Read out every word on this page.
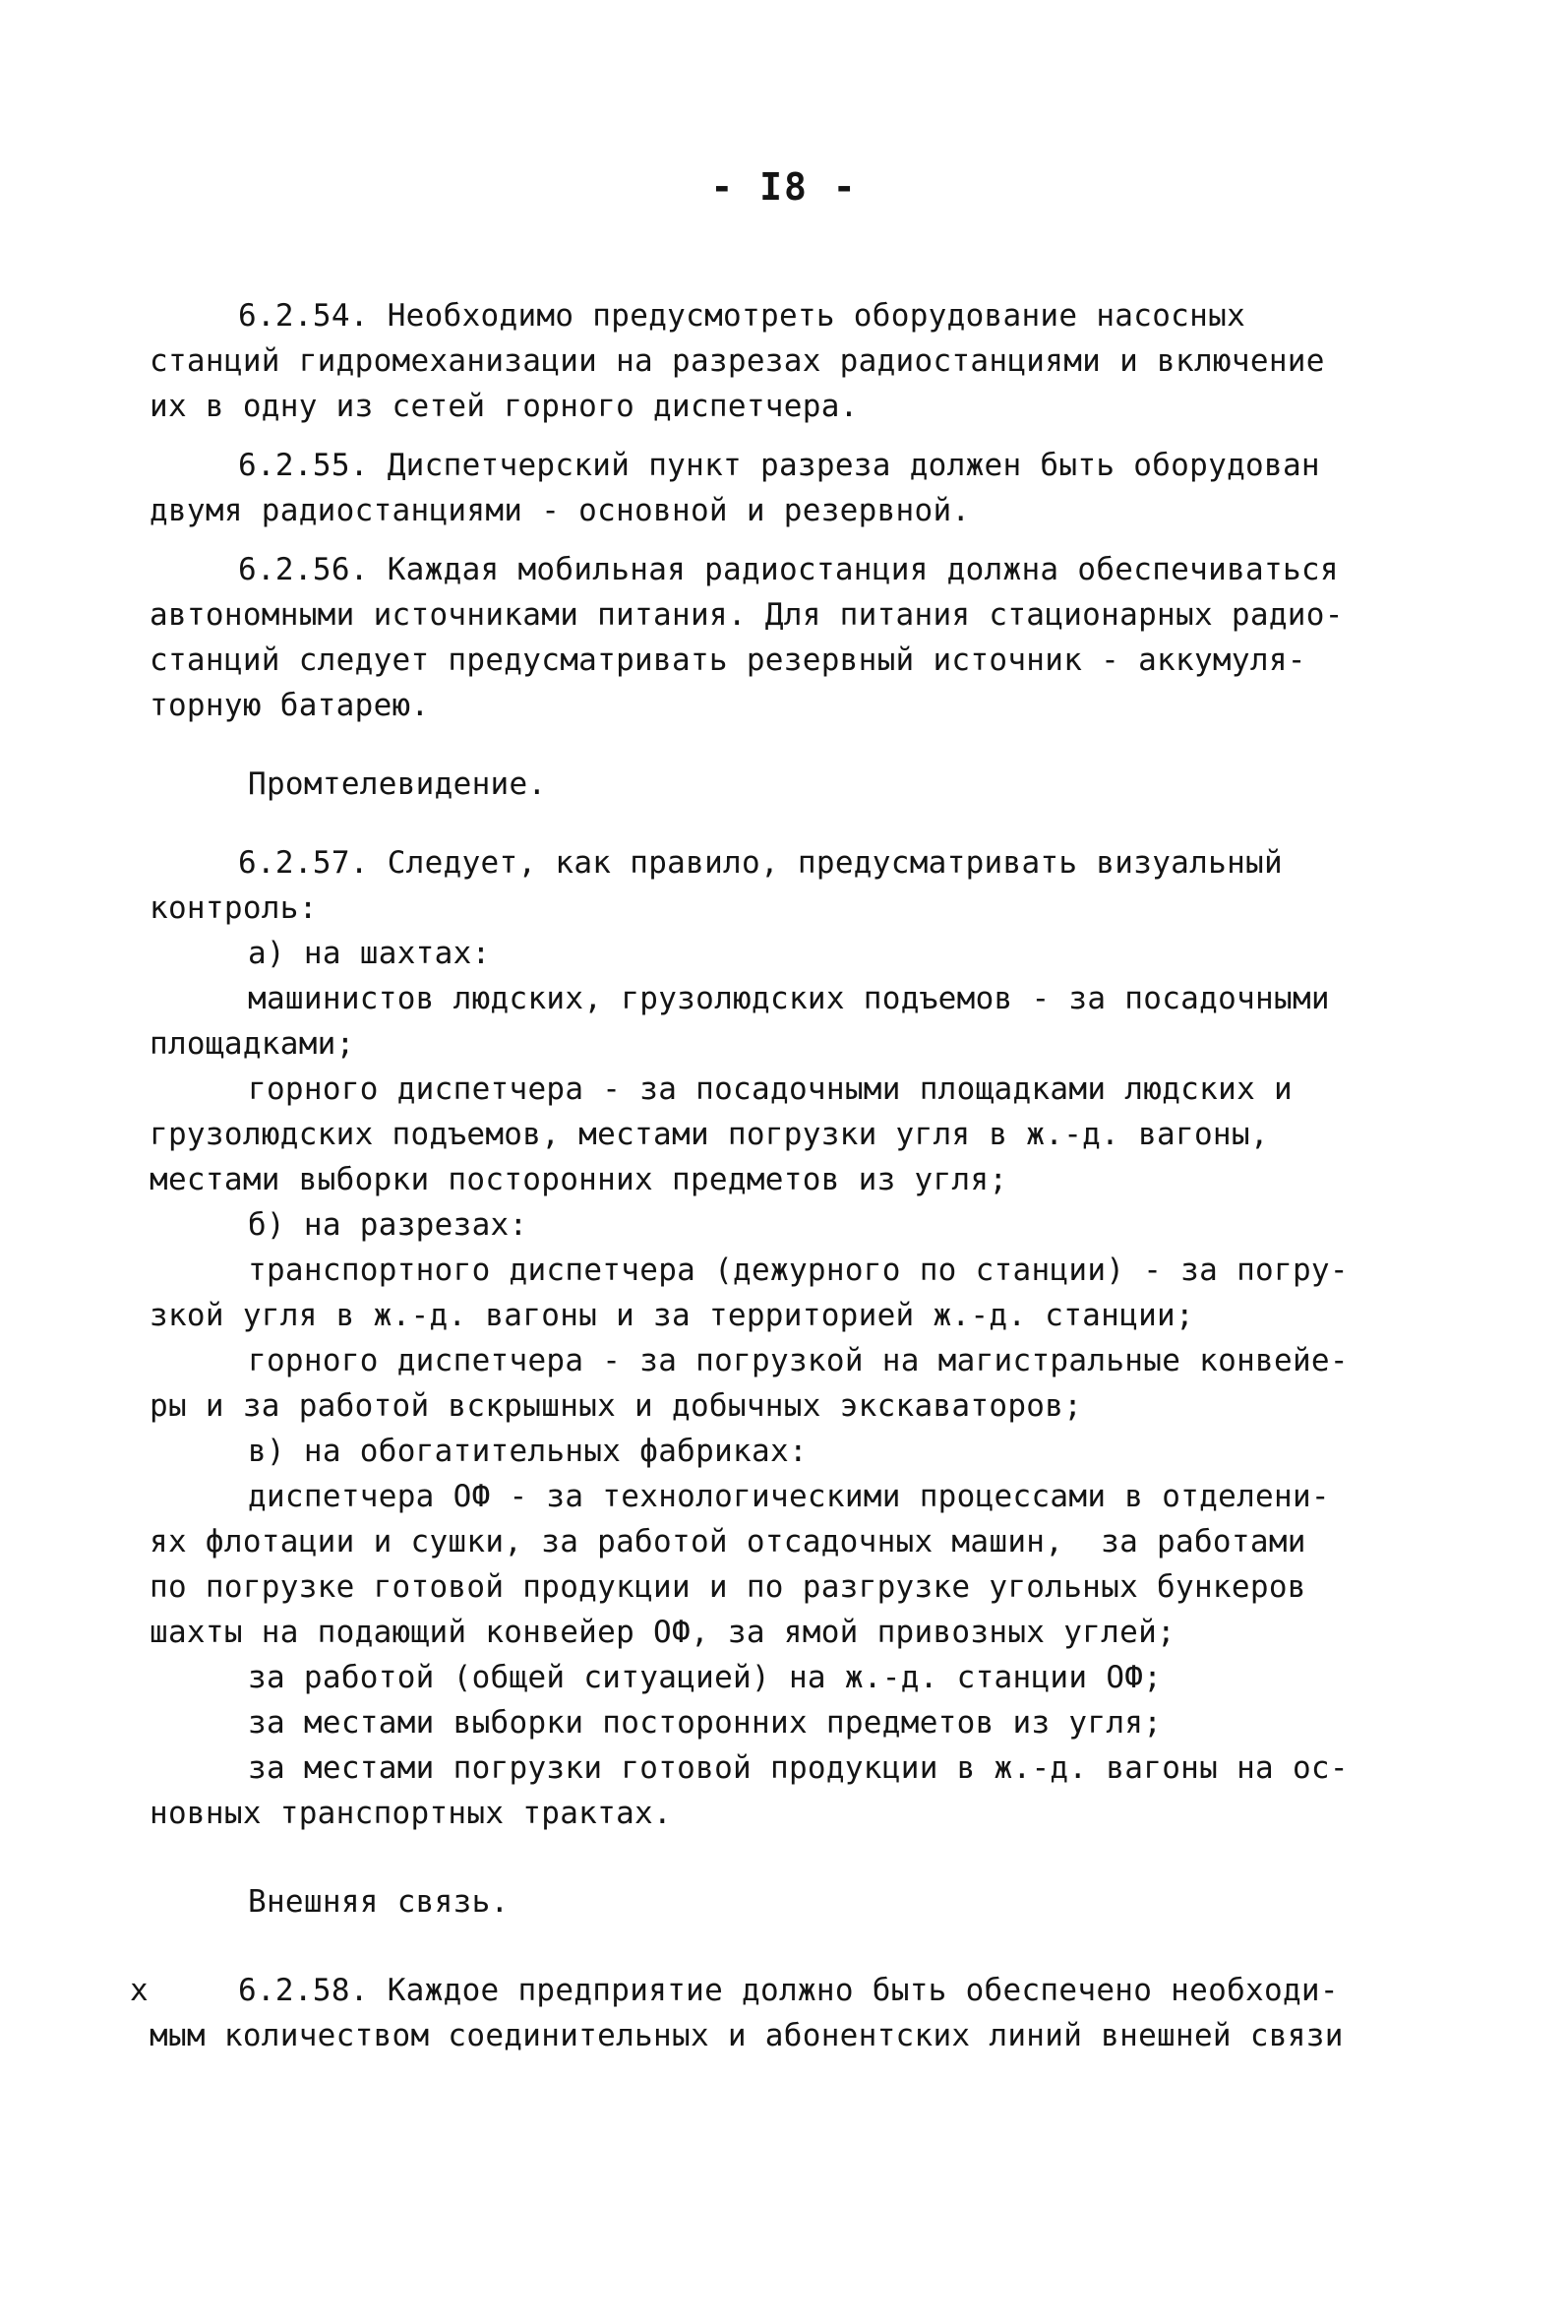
- I8 -
6.2.54. Необходимо предусмотреть оборудование насосных
станций гидромеханизации на разрезах радиостанциями и включение
их в одну из сетей горного диспетчера.
6.2.55. Диспетчерский пункт разреза должен быть оборудован
двумя радиостанциями - основной и резервной.
6.2.56. Каждая мобильная радиостанция должна обеспечиваться
автономными источниками питания. Для питания стационарных радио-
станций следует предусматривать резервный источник - аккумуля-
торную батарею.
Промтелевидение.
6.2.57. Следует, как правило, предусматривать визуальный
контроль:
а) на шахтах:
машинистов людских, грузолюдских подъемов - за посадочными
площадками;
горного диспетчера - за посадочными площадками людских и
грузолюдских подъемов, местами погрузки угля в ж.-д. вагоны,
местами выборки посторонних предметов из угля;
б) на разрезах:
транспортного диспетчера (дежурного по станции) - за погру-
зкой угля в ж.-д. вагоны и за территорией ж.-д. станции;
горного диспетчера - за погрузкой на магистральные конвейе-
ры и за работой вскрышных и добычных экскаваторов;
в) на обогатительных фабриках:
диспетчера ОФ - за технологическими процессами в отделени-
ях флотации и сушки, за работой отсадочных машин,  за работами
по погрузке готовой продукции и по разгрузке угольных бункеров
шахты на подающий конвейер ОФ, за ямой привозных углей;
за работой (общей ситуацией) на ж.-д. станции ОФ;
за местами выборки посторонних предметов из угля;
за местами погрузки готовой продукции в ж.-д. вагоны на ос-
новных транспортных трактах.
Внешняя связь.
x	6.2.58. Каждое предприятие должно быть обеспечено необходи-
мым количеством соединительных и абонентских линий внешней связи
